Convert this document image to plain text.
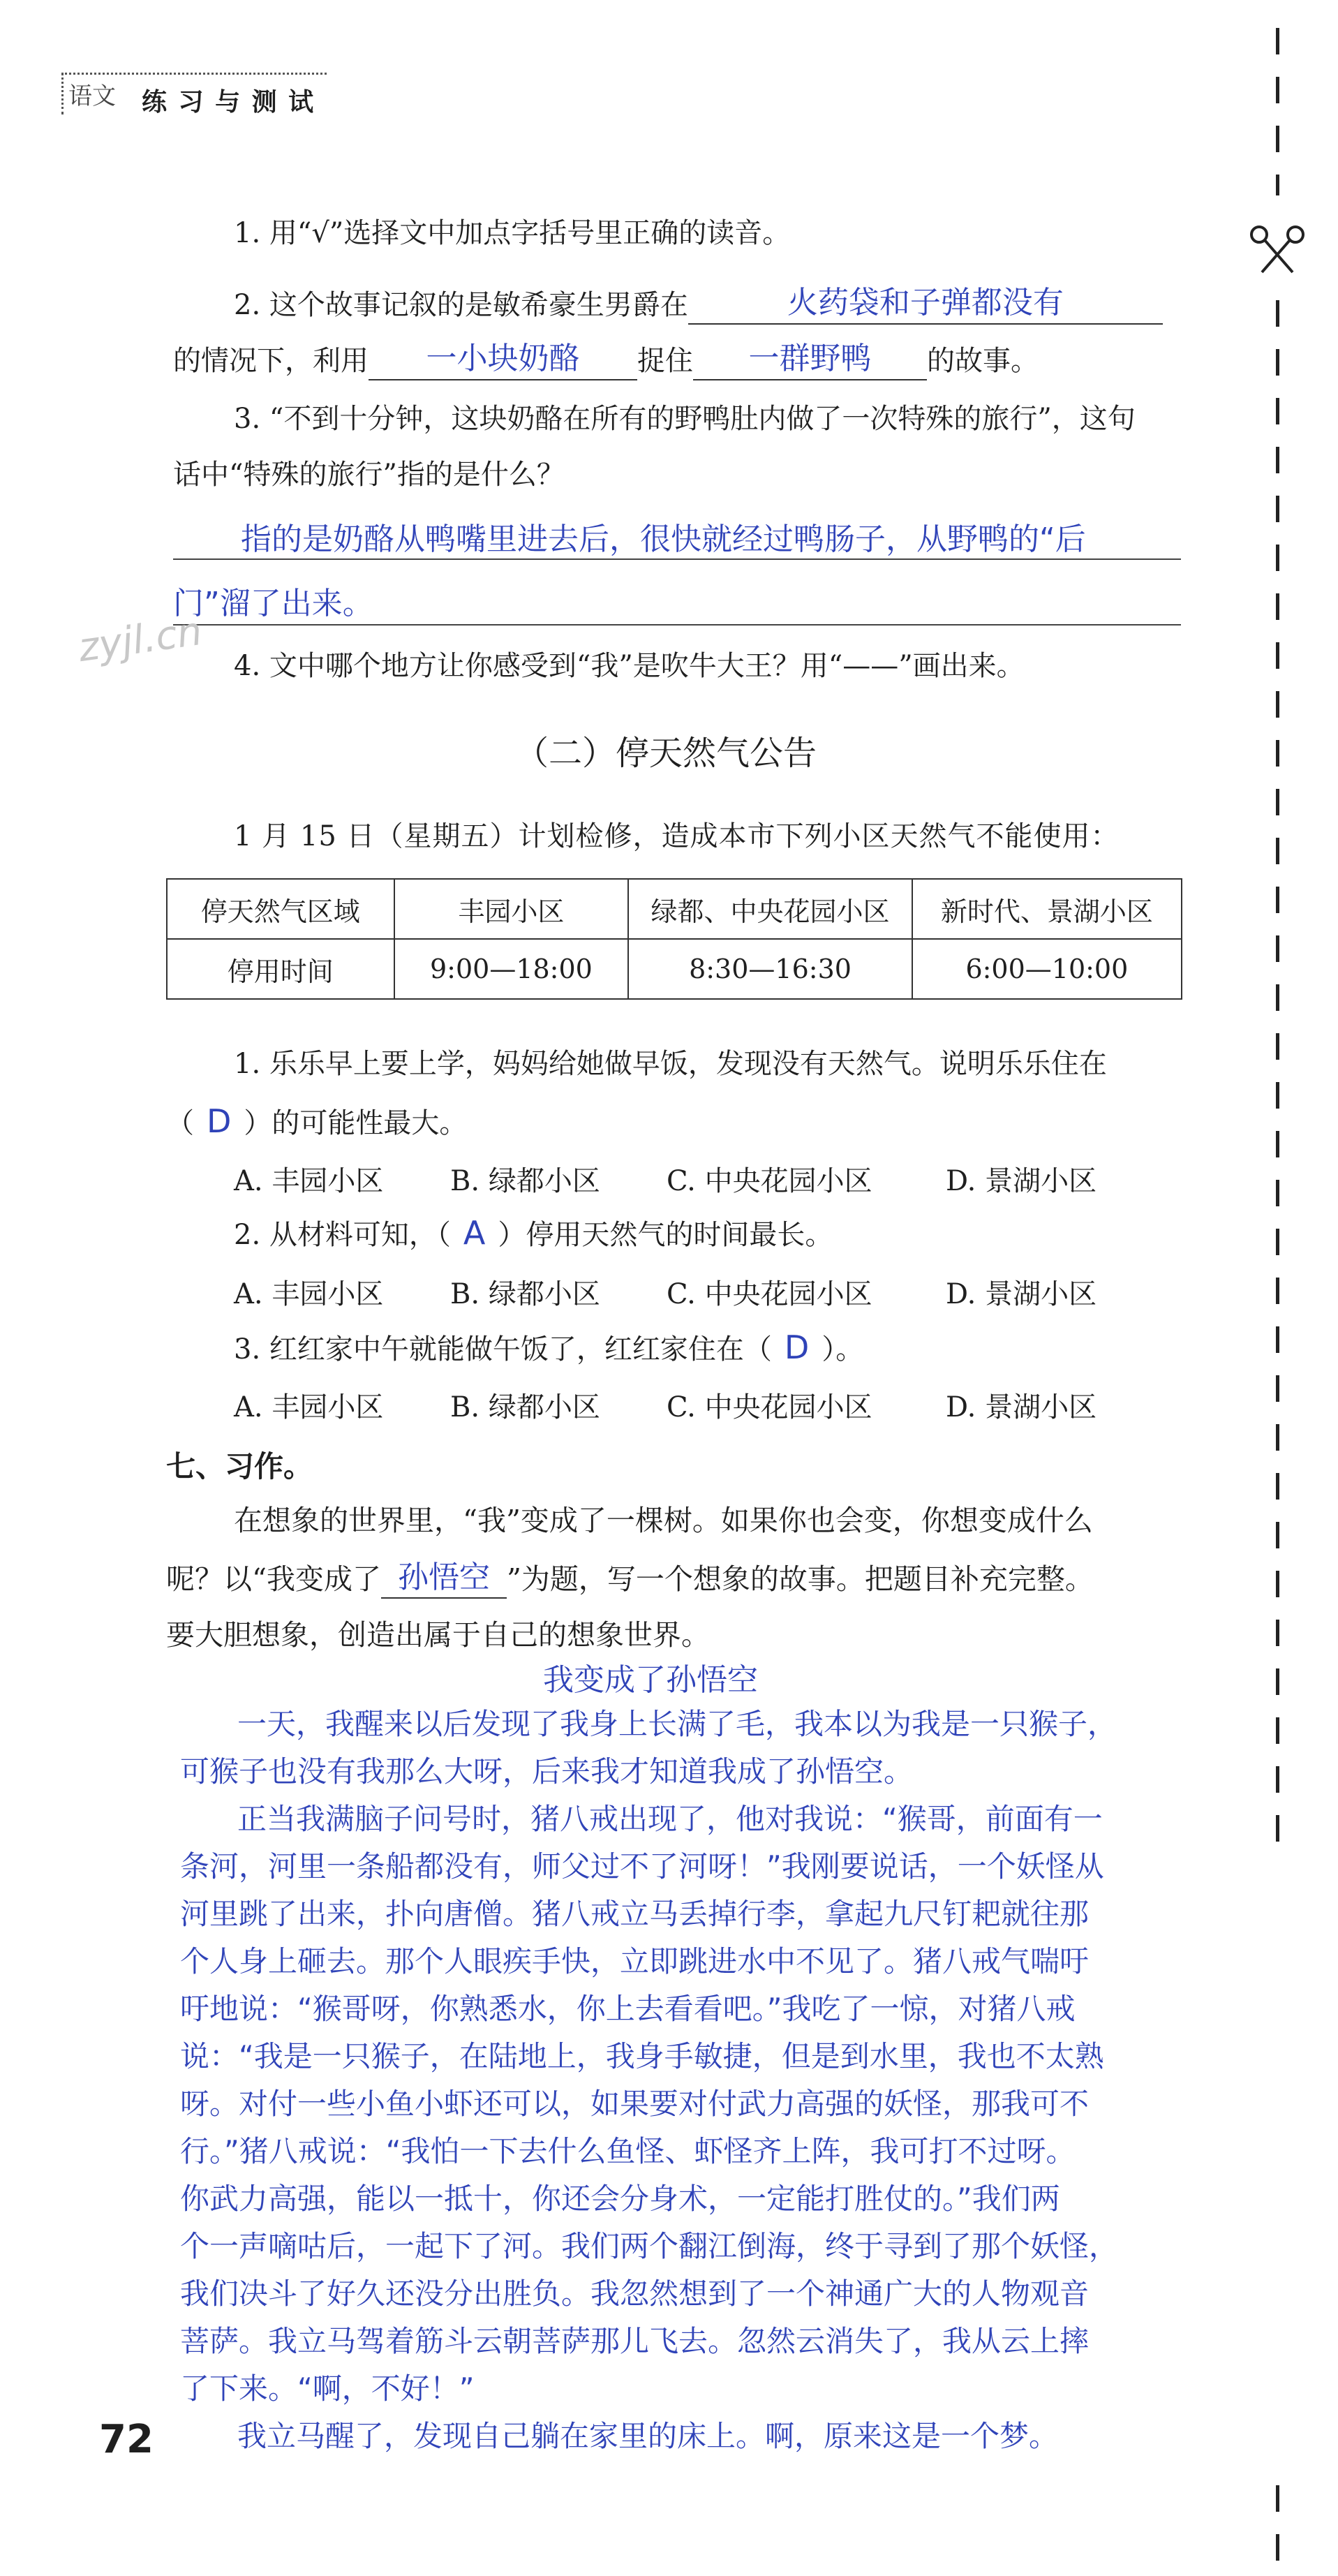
语文 练 习 与 测 试
1. 用“√”选择文中加点字括号里正确的读音。
2. 这个故事记叙的是敏希豪生男爵在	火药袋和子弹都没有
的情况下，利用 一小块奶酪 捉住 一群野鸭 的故事。
3. “不到十分钟，这块奶酪在所有的野鸭肚内做了一次特殊的旅行”，这句
话中“特殊的旅行”指的是什么？
指的是奶酪从鸭嘴里进去后，很快就经过鸭肠子，从野鸭的“后
门”溜了出来。
zyjl.cn 4. 文中哪个地方让你感受到“我”是吹牛大王？用“——”画出来。
（二）停天然气公告
1 月 15 日（星期五）计划检修，造成本市下列小区天然气不能使用：
停天然气区域	丰园小区	绿都、中央花园小区	新时代、景湖小区
停用时间	9:00—18:00	8:30—16:30	6:00—10:00
1. 乐乐早上要上学，妈妈给她做早饭，发现没有天然气。说明乐乐住在
（ D ）的可能性最大。
A. 丰园小区	B. 绿都小区	C. 中央花园小区	D. 景湖小区
2. 从材料可知，（ A ）停用天然气的时间最长。
A. 丰园小区	B. 绿都小区	C. 中央花园小区	D. 景湖小区
3. 红红家中午就能做午饭了，红红家住在（ D ）。
A. 丰园小区	B. 绿都小区	C. 中央花园小区	D. 景湖小区
七、习作。
在想象的世界里，“我”变成了一棵树。如果你也会变，你想变成什么
呢？以“我变成了 孙悟空 ”为题，写一个想象的故事。把题目补充完整。
要大胆想象，创造出属于自己的想象世界。
我变成了孙悟空
一天，我醒来以后发现了我身上长满了毛，我本以为我是一只猴子，
可猴子也没有我那么大呀，后来我才知道我成了孙悟空。
正当我满脑子问号时，猪八戒出现了，他对我说：“猴哥，前面有一
条河，河里一条船都没有，师父过不了河呀！”我刚要说话，一个妖怪从
河里跳了出来，扑向唐僧。猪八戒立马丢掉行李，拿起九尺钉耙就往那
个人身上砸去。那个人眼疾手快，立即跳进水中不见了。猪八戒气喘吁
吁地说：“猴哥呀，你熟悉水，你上去看看吧。”我吃了一惊，对猪八戒
说：“我是一只猴子，在陆地上，我身手敏捷，但是到水里，我也不太熟
呀。对付一些小鱼小虾还可以，如果要对付武力高强的妖怪，那我可不
行。”猪八戒说：“我怕一下去什么鱼怪、虾怪齐上阵，我可打不过呀。
你武力高强，能以一抵十，你还会分身术，一定能打胜仗的。”我们两
个一声嘀咕后，一起下了河。我们两个翻江倒海，终于寻到了那个妖怪，
我们决斗了好久还没分出胜负。我忽然想到了一个神通广大的人物观音
菩萨。我立马驾着筋斗云朝菩萨那儿飞去。忽然云消失了，我从云上摔
了下来。“啊，不好！”
我立马醒了，发现自己躺在家里的床上。啊，原来这是一个梦。
72
